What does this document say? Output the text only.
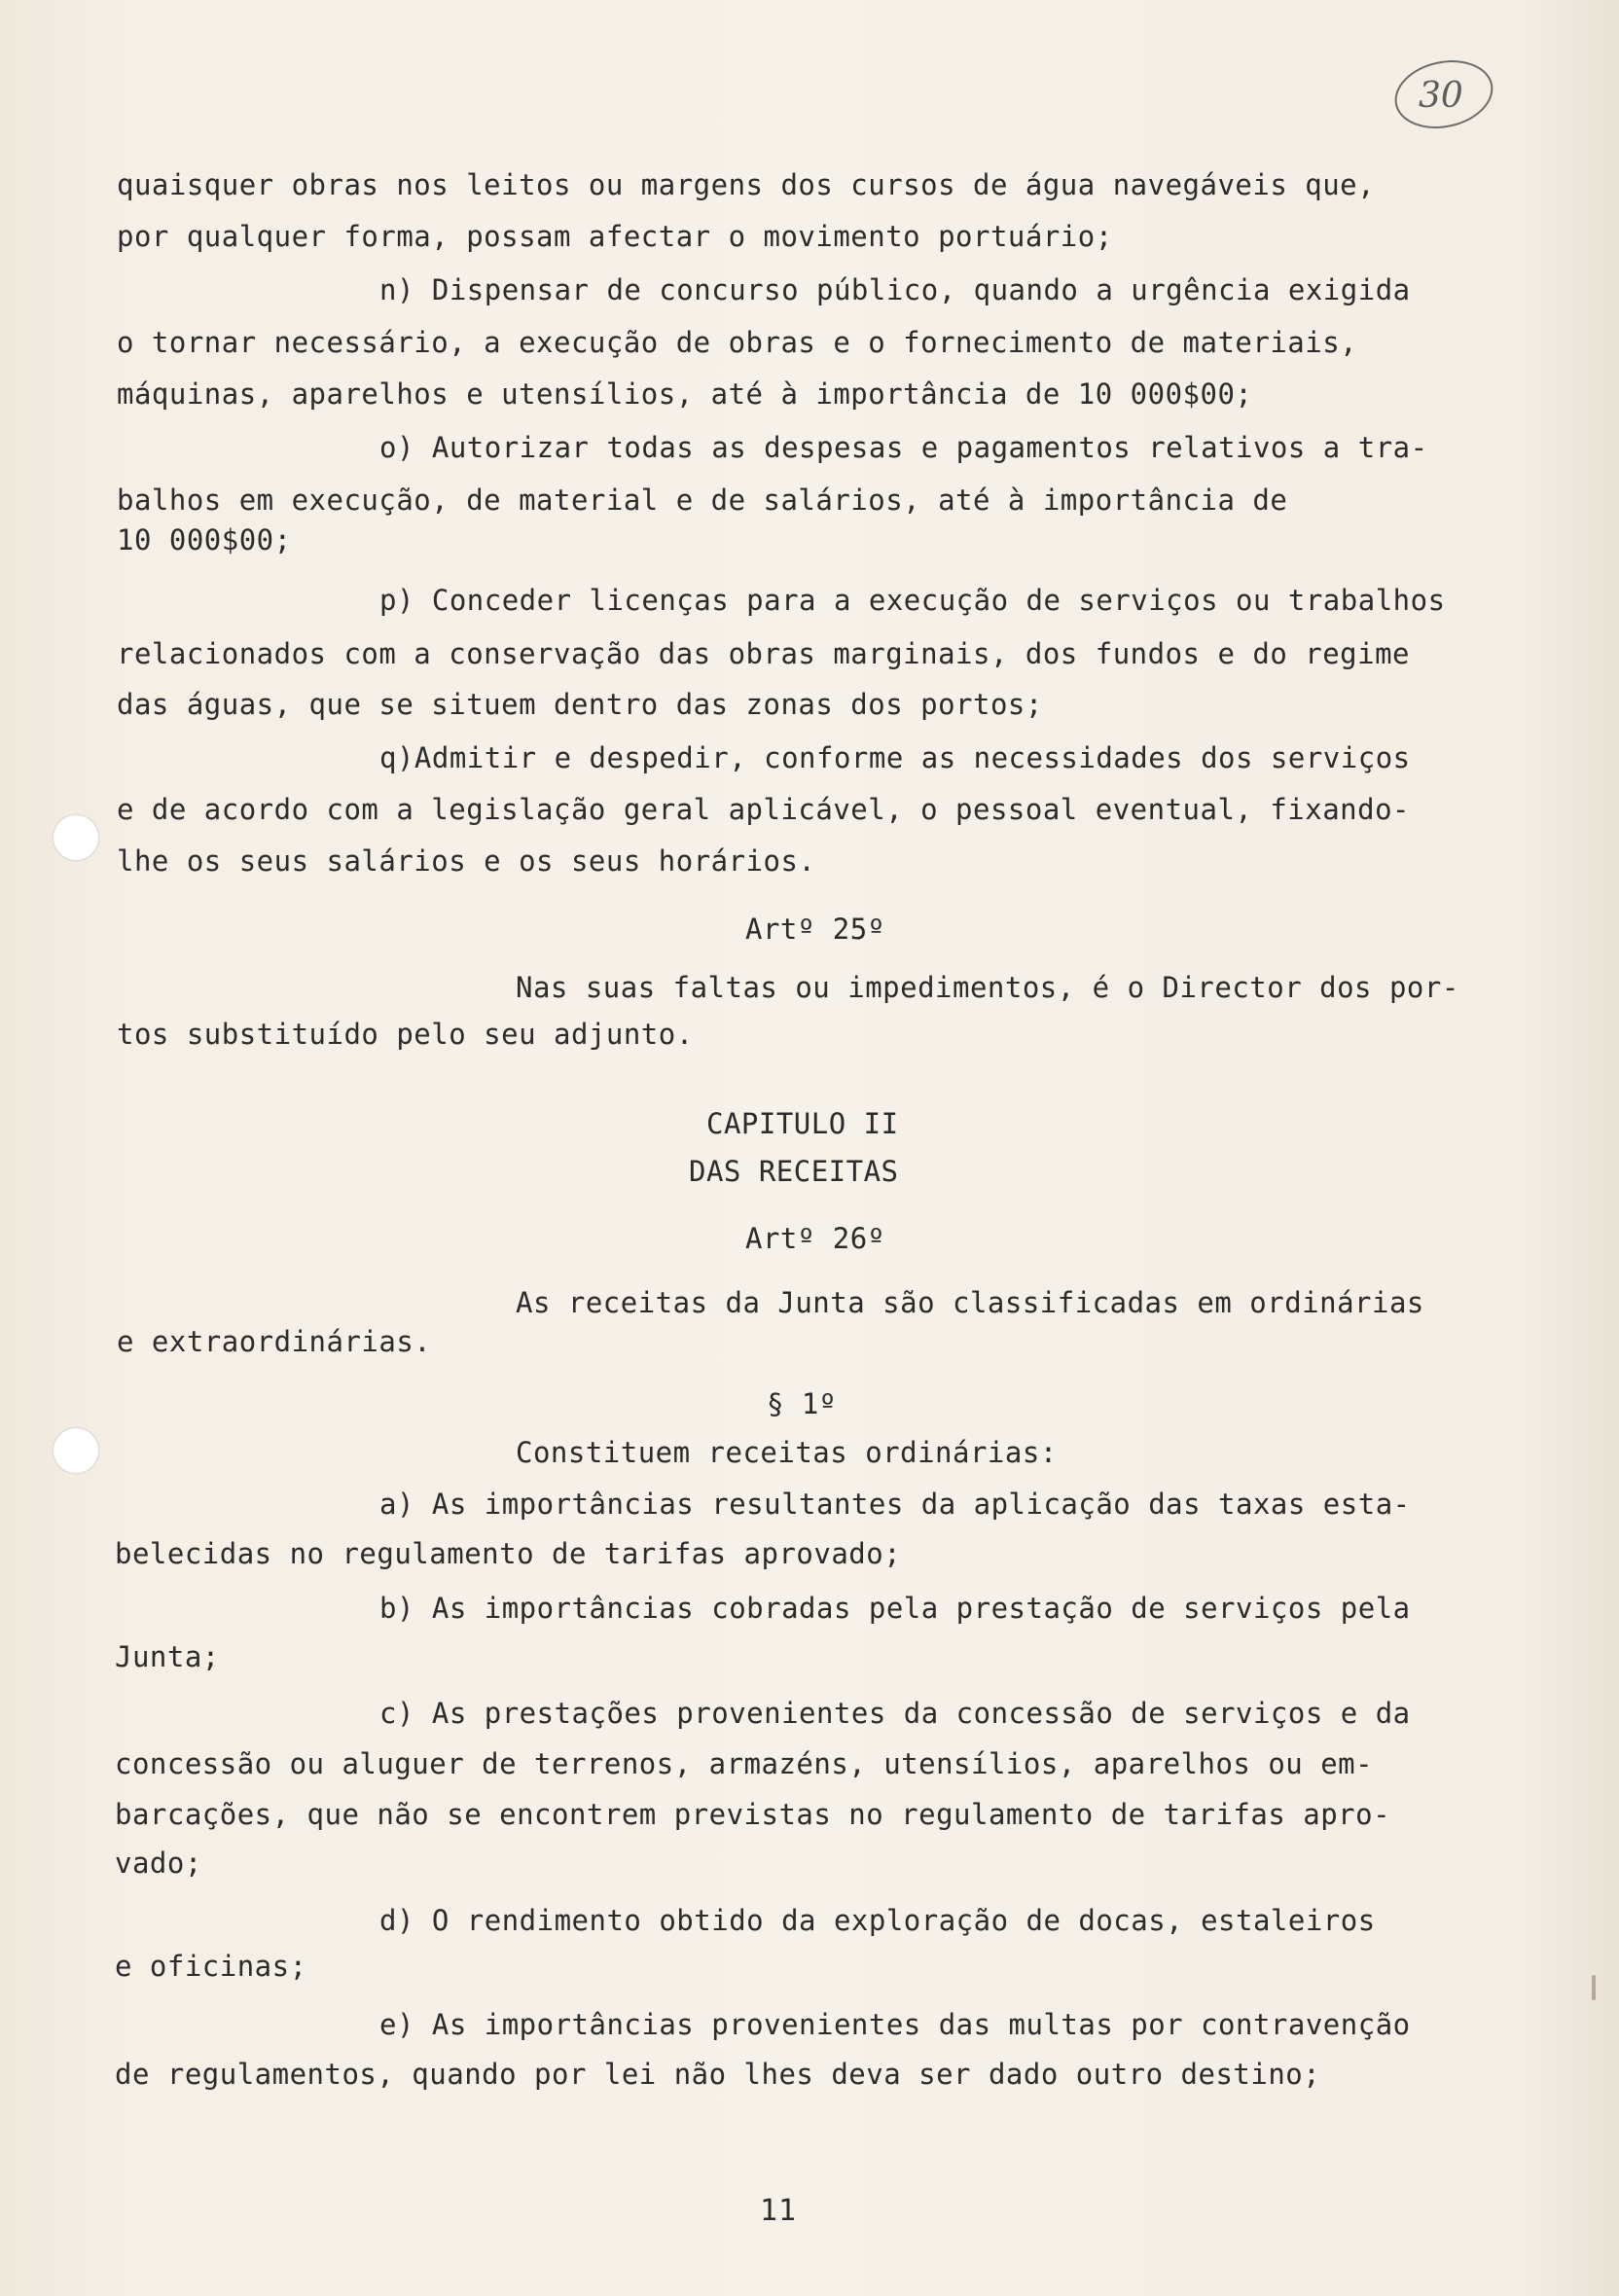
30
quaisquer obras nos leitos ou margens dos cursos de água navegáveis que,
por qualquer forma, possam afectar o movimento portuário;
n) Dispensar de concurso público, quando a urgência exigida
o tornar necessário, a execução de obras e o fornecimento de materiais,
máquinas, aparelhos e utensílios, até à importância de 10 000$00;
o) Autorizar todas as despesas e pagamentos relativos a tra-
balhos em execução, de material e de salários, até à importância de
10 000$00;
p) Conceder licenças para a execução de serviços ou trabalhos
relacionados com a conservação das obras marginais, dos fundos e do regime
das águas, que se situem dentro das zonas dos portos;
q)Admitir e despedir, conforme as necessidades dos serviços
e de acordo com a legislação geral aplicável, o pessoal eventual, fixando-
lhe os seus salários e os seus horários.
Artº 25º
Nas suas faltas ou impedimentos, é o Director dos por-
tos substituído pelo seu adjunto.
CAPITULO II
DAS RECEITAS
Artº 26º
As receitas da Junta são classificadas em ordinárias
e extraordinárias.
§ 1º
Constituem receitas ordinárias:
a) As importâncias resultantes da aplicação das taxas esta-
belecidas no regulamento de tarifas aprovado;
b) As importâncias cobradas pela prestação de serviços pela
Junta;
c) As prestações provenientes da concessão de serviços e da
concessão ou aluguer de terrenos, armazéns, utensílios, aparelhos ou em-
barcações, que não se encontrem previstas no regulamento de tarifas apro-
vado;
d) O rendimento obtido da exploração de docas, estaleiros
e oficinas;
e) As importâncias provenientes das multas por contravenção
de regulamentos, quando por lei não lhes deva ser dado outro destino;
11
